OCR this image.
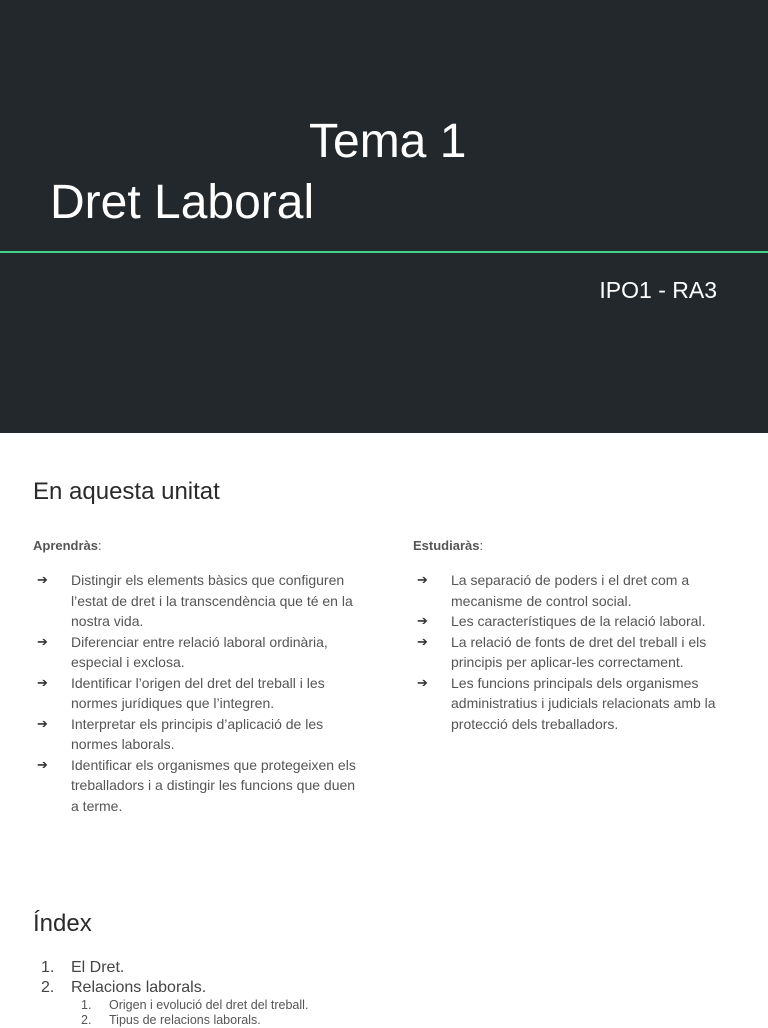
Tema 1
Dret Laboral
IPO1 - RA3
En aquesta unitat
Aprendràs:
➔ Distingir els elements bàsics que configuren l’estat de dret i la transcendència que té en la nostra vida.
➔ Diferenciar entre relació laboral ordinària, especial i exclosa.
➔ Identificar l’origen del dret del treball i les normes jurídiques que l’integren.
➔ Interpretar els principis d’aplicació de les normes laborals.
➔ Identificar els organismes que protegeixen els treballadors i a distingir les funcions que duen a terme.
Estudiaràs:
➔ La separació de poders i el dret com a mecanisme de control social.
➔ Les característiques de la relació laboral.
➔ La relació de fonts de dret del treball i els principis per aplicar-les correctament.
➔ Les funcions principals dels organismes administratius i judicials relacionats amb la protecció dels treballadors.
Índex
1. El Dret.
2. Relacions laborals.
1. Origen i evolució del dret del treball.
2. Tipus de relacions laborals.
